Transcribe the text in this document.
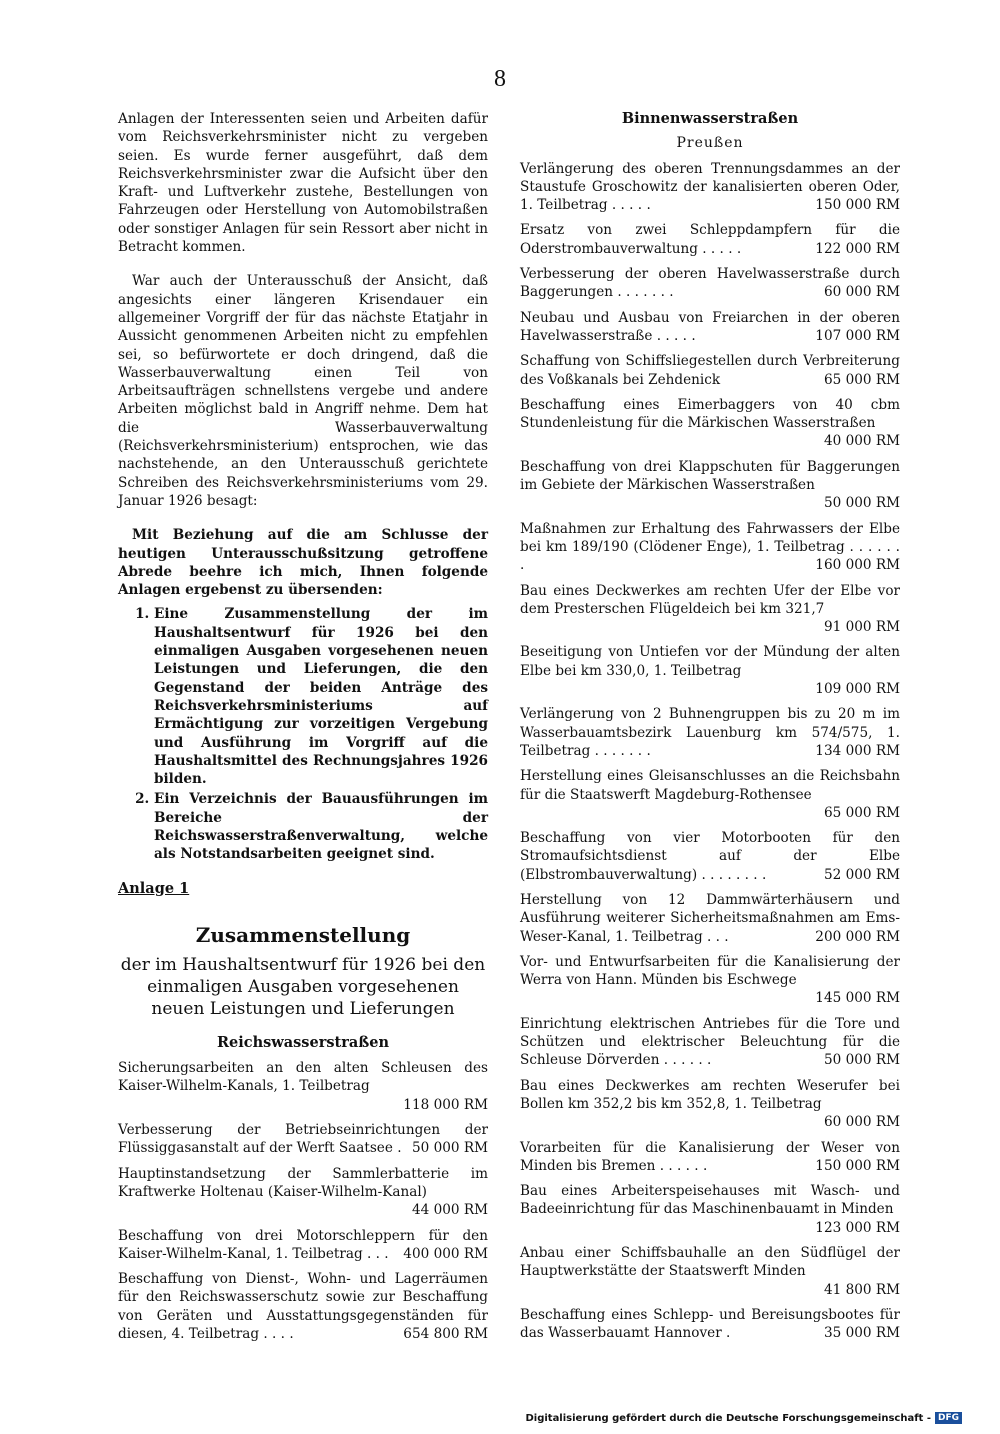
8

Anlagen der Interessenten seien und Arbeiten dafür vom Reichsverkehrsminister nicht zu vergeben seien. Es wurde ferner ausgeführt, daß dem Reichsverkehrsminister zwar die Aufsicht über den Kraft- und Luftverkehr zustehe, Bestellungen von Fahrzeugen oder Herstellung von Automobilstraßen oder sonstiger Anlagen für sein Ressort aber nicht in Betracht kommen.

War auch der Unterausschuß der Ansicht, daß angesichts einer längeren Krisendauer ein allgemeiner Vorgriff der für das nächste Etatjahr in Aussicht genommenen Arbeiten nicht zu empfehlen sei, so befürwortete er doch dringend, daß die Wasserbauverwaltung einen Teil von Arbeitsaufträgen schnellstens vergebe und andere Arbeiten möglichst bald in Angriff nehme. Dem hat die Wasserbauverwaltung (Reichsverkehrsministerium) entsprochen, wie das nachstehende, an den Unterausschuß gerichtete Schreiben des Reichsverkehrsministeriums vom 29. Januar 1926 besagt:

Mit Beziehung auf die am Schlusse der heutigen Unterausschußsitzung getroffene Abrede beehre ich mich, Ihnen folgende Anlagen ergebenst zu übersenden:

1. Eine Zusammenstellung der im Haushaltsentwurf für 1926 bei den einmaligen Ausgaben vorgesehenen neuen Leistungen und Lieferungen, die den Gegenstand der beiden Anträge des Reichsverkehrsministeriums auf Ermächtigung zur vorzeitigen Vergebung und Ausführung im Vorgriff auf die Haushaltsmittel des Rechnungsjahres 1926 bilden.
2. Ein Verzeichnis der Bauausführungen im Bereiche der Reichswasserstraßenverwaltung, welche als Notstandsarbeiten geeignet sind.
Anlage 1
Zusammenstellung
der im Haushaltsentwurf für 1926 bei den einmaligen Ausgaben vorgesehenen neuen Leistungen und Lieferungen
Reichswasserstraßen
Sicherungsarbeiten an den alten Schleusen des Kaiser-Wilhelm-Kanals, 1. Teilbetrag
118 000 RM
Verbesserung der Betriebseinrichtungen der Flüssiggasanstalt auf der Werft Saatsee . 50 000 RM
Hauptinstandsetzung der Sammlerbatterie im Kraftwerke Holtenau (Kaiser-Wilhelm-Kanal)
44 000 RM
Beschaffung von drei Motorschleppern für den Kaiser-Wilhelm-Kanal, 1. Teilbetrag . . . 400 000 RM
Beschaffung von Dienst-, Wohn- und Lagerräumen für den Reichswasserschutz sowie zur Beschaffung von Geräten und Ausstattungsgegenständen für diesen, 4. Teilbetrag . . . .	654 800 RM
Binnenwasserstraßen
Preußen
Verlängerung des oberen Trennungsdammes an der Staustufe Groschowitz der kanalisierten oberen Oder, 1. Teilbetrag . . . . .	150 000 RM
Ersatz von zwei Schleppdampfern für die Oderstrombauverwaltung . . . . .	122 000 RM
Verbesserung der oberen Havelwasserstraße durch Baggerungen . . . . . . .	60 000 RM
Neubau und Ausbau von Freiarchen in der oberen Havelwasserstraße . . . . .	107 000 RM
Schaffung von Schiffsliegestellen durch Verbreiterung des Voßkanals bei Zehdenick	65 000 RM
Beschaffung eines Eimerbaggers von 40 cbm Stundenleistung für die Märkischen Wasserstraßen
40 000 RM
Beschaffung von drei Klappschuten für Baggerungen im Gebiete der Märkischen Wasserstraßen
50 000 RM
Maßnahmen zur Erhaltung des Fahrwassers der Elbe bei km 189/190 (Clödener Enge), 1. Teilbetrag . . . . . . .	160 000 RM
Bau eines Deckwerkes am rechten Ufer der Elbe vor dem Presterschen Flügeldeich bei km 321,7
91 000 RM
Beseitigung von Untiefen vor der Mündung der alten Elbe bei km 330,0, 1. Teilbetrag
109 000 RM
Verlängerung von 2 Buhnengruppen bis zu 20 m im Wasserbauamtsbezirk Lauenburg km 574/575, 1. Teilbetrag . . . . . . .	134 000 RM
Herstellung eines Gleisanschlusses an die Reichsbahn für die Staatswerft Magdeburg-Rothensee
65 000 RM
Beschaffung von vier Motorbooten für den Stromaufsichtsdienst auf der Elbe (Elbstrombauverwaltung) . . . . . . . .	52 000 RM
Herstellung von 12 Dammwärterhäusern und Ausführung weiterer Sicherheitsmaßnahmen am Ems-Weser-Kanal, 1. Teilbetrag . . .	200 000 RM
Vor- und Entwurfsarbeiten für die Kanalisierung der Werra von Hann. Münden bis Eschwege
145 000 RM
Einrichtung elektrischen Antriebes für die Tore und Schützen und elektrischer Beleuchtung für die Schleuse Dörverden . . . . . .	50 000 RM
Bau eines Deckwerkes am rechten Weserufer bei Bollen km 352,2 bis km 352,8, 1. Teilbetrag
60 000 RM
Vorarbeiten für die Kanalisierung der Weser von Minden bis Bremen . . . . . .	150 000 RM
Bau eines Arbeiterspeisehauses mit Wasch- und Badeeinrichtung für das Maschinenbauamt in Minden
123 000 RM
Anbau einer Schiffsbauhalle an den Südflügel der Hauptwerkstätte der Staatswerft Minden
41 800 RM
Beschaffung eines Schlepp- und Bereisungsbootes für das Wasserbauamt Hannover .	35 000 RM
Digitalisierung gefördert durch die Deutsche Forschungsgemeinschaft - DFG
